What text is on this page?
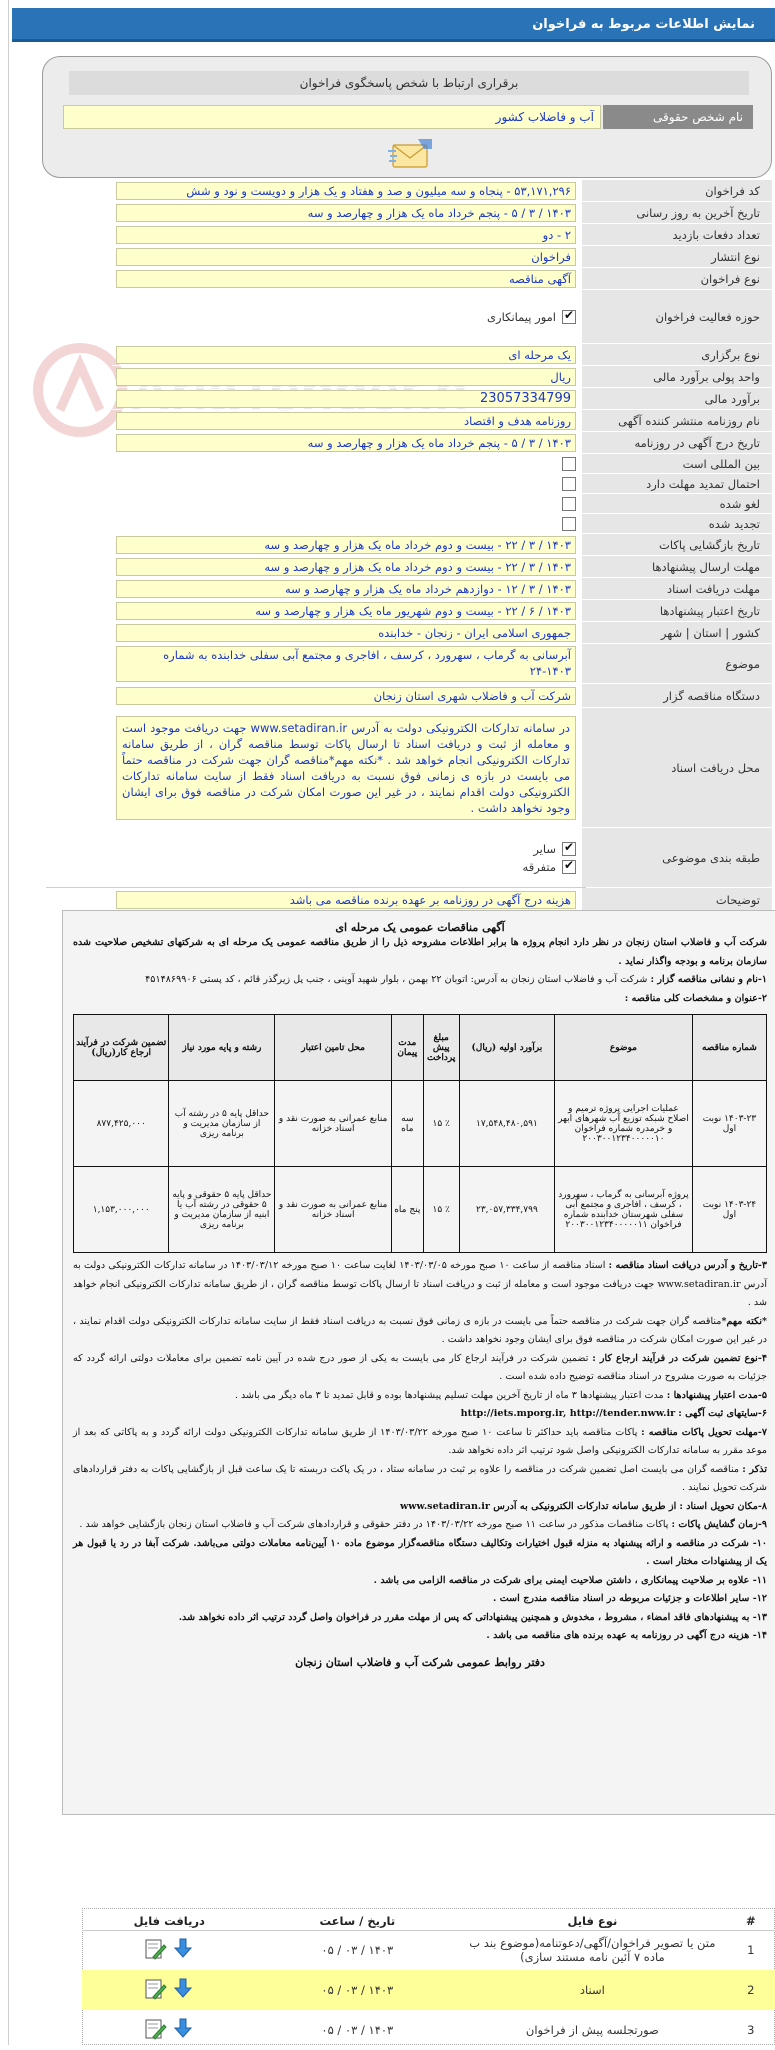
نمایش اطلاعات مربوط به فراخوان
برقراری ارتباط با شخص پاسخگوی فراخوان
نام شخص حقوقی
آب و فاضلاب کشور
کد فراخوان
۵۳,۱۷۱,۲۹۶ - پنجاه و سه میلیون و صد و هفتاد و یک هزار و دویست و نود و شش
تاریخ آخرین به روز رسانی
۱۴۰۳ / ۳ / ۵ - پنجم خرداد ماه یک هزار و چهارصد و سه
تعداد دفعات بازدید
۲ - دو
نوع انتشار
فراخوان
نوع فراخوان
آگهی مناقصه
حوزه فعالیت فراخوان
✔
امور پیمانکاری
نوع برگزاری
یک مرحله ای
واحد پولی برآورد مالی
ریال
برآورد مالی
23057334799
نام روزنامه منتشر کننده آگهی
روزنامه هدف و اقتصاد
تاریخ درج آگهی در روزنامه
۱۴۰۳ / ۳ / ۵ - پنجم خرداد ماه یک هزار و چهارصد و سه
بین المللی است
احتمال تمدید مهلت دارد
لغو شده
تجدید شده
تاریخ بازگشایی پاکات
۱۴۰۳ / ۳ / ۲۲ - بیست و دوم خرداد ماه یک هزار و چهارصد و سه
مهلت ارسال پیشنهادها
۱۴۰۳ / ۳ / ۲۲ - بیست و دوم خرداد ماه یک هزار و چهارصد و سه
مهلت دریافت اسناد
۱۴۰۳ / ۳ / ۱۲ - دوازدهم خرداد ماه یک هزار و چهارصد و سه
تاریخ اعتبار پیشنهادها
۱۴۰۳ / ۶ / ۲۲ - بیست و دوم شهریور ماه یک هزار و چهارصد و سه
کشور | استان | شهر
جمهوری اسلامی ایران - زنجان - خدابنده
موضوع
آبرسانی به گرماب ، سهرورد ، کرسف ، افاجری و مجتمع آبی سفلی خدابنده به شماره ۱۴۰۳-۲۴
دستگاه مناقصه گزار
شرکت آب و فاضلاب شهری استان زنجان
محل دریافت اسناد
در سامانه تدارکات الکترونیکی دولت به آدرس www.setadiran.ir جهت دریافت موجود است و معامله از ثبت و دریافت اسناد تا ارسال پاکات توسط مناقصه گران ، از طریق سامانه تدارکات الکترونیکی انجام خواهد شد . *نکته مهم*مناقصه گران جهت شرکت در مناقصه حتماً می بایست در بازه ی زمانی فوق نسبت به دریافت اسناد فقط از سایت سامانه تدارکات الکترونیکی دولت اقدام نمایند ، در غیر این صورت امکان شرکت در مناقصه فوق برای ایشان وجود نخواهد داشت .
طبقه بندی موضوعی
✔
سایر
✔
متفرقه
توضیحات
هزینه درج آگهی در روزنامه بر عهده برنده مناقصه می باشد
آگهی مناقصات عمومی یک مرحله ای

شرکت آب و فاضلاب استان زنجان در نظر دارد انجام پروژه ها برابر اطلاعات مشروحه ذیل را از طریق مناقصه عمومی یک مرحله ای به شرکتهای تشخیص صلاحیت شده سازمان برنامه و بودجه واگذار نماید .

۱-نام و نشانی مناقصه گزار : شرکت آب و فاضلاب استان زنجان به آدرس: اتوبان ۲۲ بهمن ، بلوار شهید آوینی ، جنب پل زیرگذر قائم ، کد پستی ۴۵۱۴۸۶۹۹۰۶

۲-عنوان و مشخصات کلی مناقصه :

شماره مناقصه	موضوع	برآورد اولیه (ریال)	مبلغ پیش پرداخت	مدت پیمان	محل تامین اعتبار	رشته و پایه مورد نیاز	تضمین شرکت در فرآیند ارجاع کار(ریال)
۱۴۰۳-۲۳ نوبت اول	عملیات اجرایی پروژه ترمیم و اصلاح شبکه توزیع آب شهرهای ابهر و خرمدره شماره فراخوان ۲۰۰۳۰۰۱۲۳۴۰۰۰۰۰۱۰	۱۷,۵۴۸,۴۸۰,۵۹۱	٪ ۱۵	سه ماه	منابع عمرانی به صورت نقد و اسناد خزانه	حداقل پایه ۵ در رشته آب از سازمان مدیریت و برنامه ریزی	۸۷۷,۴۲۵,۰۰۰
۱۴۰۳-۲۴ نوبت اول	پروژه آبرسانی به گرماب ، سهرورد ، کرسف ، افاجری و مجتمع آبی سفلی شهرستان خدابنده شماره فراخوان ۲۰۰۳۰۰۱۲۳۴۰۰۰۰۰۱۱	۲۳,۰۵۷,۳۳۴,۷۹۹	٪ ۱۵	پنج ماه	منابع عمرانی به صورت نقد و اسناد خزانه	حداقل پایه ۵ حقوقی و پایه ۵ حقوقی در رشته آب یا ابنیه از سازمان مدیریت و برنامه ریزی	۱,۱۵۳,۰۰۰,۰۰۰

۳-تاریخ و آدرس دریافت اسناد مناقصه : اسناد مناقصه از ساعت ۱۰ صبح مورخه ۱۴۰۳/۰۳/۰۵ لغایت ساعت ۱۰ صبح مورخه ۱۴۰۳/۰۳/۱۲ در سامانه تدارکات الکترونیکی دولت به آدرس www.setadiran.ir جهت دریافت موجود است و معامله از ثبت و دریافت اسناد تا ارسال پاکات توسط مناقصه گران ، از طریق سامانه تدارکات الکترونیکی انجام خواهد شد .

*نکته مهم*مناقصه گران جهت شرکت در مناقصه حتماً می بایست در بازه ی زمانی فوق نسبت به دریافت اسناد فقط از سایت سامانه تدارکات الکترونیکی دولت اقدام نمایند ، در غیر این صورت امکان شرکت در مناقصه فوق برای ایشان وجود نخواهد داشت .

۴-نوع تضمین شرکت در فرآیند ارجاع کار : تضمین شرکت در فرآیند ارجاع کار می بایست به یکی از صور درج شده در آیین نامه تضمین برای معاملات دولتی ارائه گردد که جزئیات به صورت مشروح در اسناد مناقصه توضیح داده شده است .

۵-مدت اعتبار پیشنهادها : مدت اعتبار پیشنهادها ۳ ماه از تاریخ آخرین مهلت تسلیم پیشنهادها بوده و قابل تمدید تا ۳ ماه دیگر می باشد .

۶-سایتهای ثبت آگهی : http://iets.mporg.ir, http://tender.nww.ir

۷-مهلت تحویل پاکات مناقصه : پاکات مناقصه باید حداکثر تا ساعت ۱۰ صبح مورخه ۱۴۰۳/۰۳/۲۲ از طریق سامانه تدارکات الکترونیکی دولت ارائه گردد و به پاکاتی که بعد از موعد مقرر به سامانه تدارکات الکترونیکی واصل شود ترتیب اثر داده نخواهد شد.

تذکر : مناقصه گران می بایست اصل تضمین شرکت در مناقصه را علاوه بر ثبت در سامانه ستاد ، در یک پاکت دربسته تا یک ساعت قبل از بازگشایی پاکات به دفتر قراردادهای شرکت تحویل نمایند .

۸-مکان تحویل اسناد : از طریق سامانه تدارکات الکترونیکی به آدرس www.setadiran.ir

۹-زمان گشایش پاکات : پاکات مناقصات مذکور در ساعت ۱۱ صبح مورخه ۱۴۰۳/۰۳/۲۲ در دفتر حقوقی و قراردادهای شرکت آب و فاضلاب استان زنجان بازگشایی خواهد شد .

۱۰- شرکت در مناقصه و ارائه پیشنهاد به منزله قبول اختیارات وتکالیف دستگاه مناقصه‌گزار موضوع ماده ۱۰ آیین‌نامه معاملات دولتی می‌باشد. شرکت آبفا در رد یا قبول هر یک از پیشنهادات مختار است .

۱۱- علاوه بر صلاحیت پیمانکاری ، داشتن صلاحیت ایمنی برای شرکت در مناقصه الزامی می باشد .

۱۲- سایر اطلاعات و جزئیات مربوطه در اسناد مناقصه مندرج است .

۱۳- به پیشنهادهای فاقد امضاء ، مشروط ، مخدوش و همچنین پیشنهاداتی که پس از مهلت مقرر در فراخوان واصل گردد ترتیب اثر داده نخواهد شد.

۱۴- هزینه درج آگهی در روزنامه به عهده برنده های مناقصه می باشد .

دفتر روابط عمومی شرکت آب و فاضلاب استان زنجان
#	نوع فایل	تاریخ / ساعت	دریافت فایل
1	متن یا تصویر فراخوان/آگهی/دعوتنامه(موضوع بند ب ماده ۷ آئین نامه مستند سازی)	۱۴۰۳ / ۰۳ / ۰۵	

2	اسناد	۱۴۰۳ / ۰۳ / ۰۵	

3	صورتجلسه پیش از فراخوان	۱۴۰۳ / ۰۳ / ۰۵	
